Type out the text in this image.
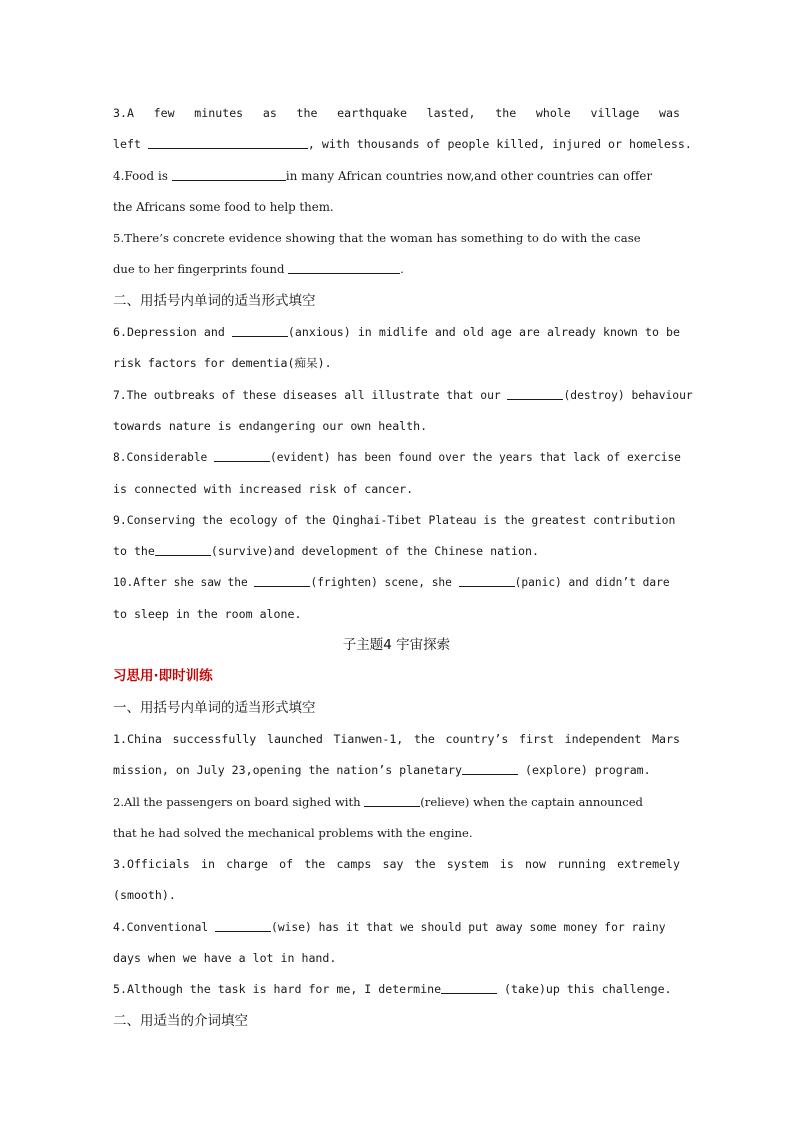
3.A few minutes as the earthquake lasted, the whole village was
left	, with thousands of people killed, injured or homeless.
4.Food is	in many African countries now,and other countries can offer
the Africans some food to help them.
5.There’s concrete evidence showing that the woman has something to do with the case
due to her fingerprints found	.
二、用括号内单词的适当形式填空
6.Depression and	(anxious) in midlife and old age are already known to be
risk factors for dementia(痴呆).
7.The outbreaks of these diseases all illustrate that our	(destroy) behaviour
towards nature is endangering our own health.
8.Considerable	(evident) has been found over the years that lack of exercise
is connected with increased risk of cancer.
9.Conserving the ecology of the Qinghai-Tibet Plateau is the greatest contribution
to the	(survive)and development of the Chinese nation.
10.After she saw the	(frighten) scene, she	(panic) and didn’t dare
to sleep in the room alone.
子主题4 宇宙探索
习思用·即时训练
一、用括号内单词的适当形式填空
1.China successfully launched Tianwen-1, the country’s first independent Mars
mission, on July 23,opening the nation’s planetary	(explore) program.
2.All the passengers on board sighed with	(relieve) when the captain announced
that he had solved the mechanical problems with the engine.
3.Officials in charge of the camps say the system is now running extremely
(smooth).
4.Conventional	(wise) has it that we should put away some money for rainy
days when we have a lot in hand.
5.Although the task is hard for me, I determine	(take)up this challenge.
二、用适当的介词填空
